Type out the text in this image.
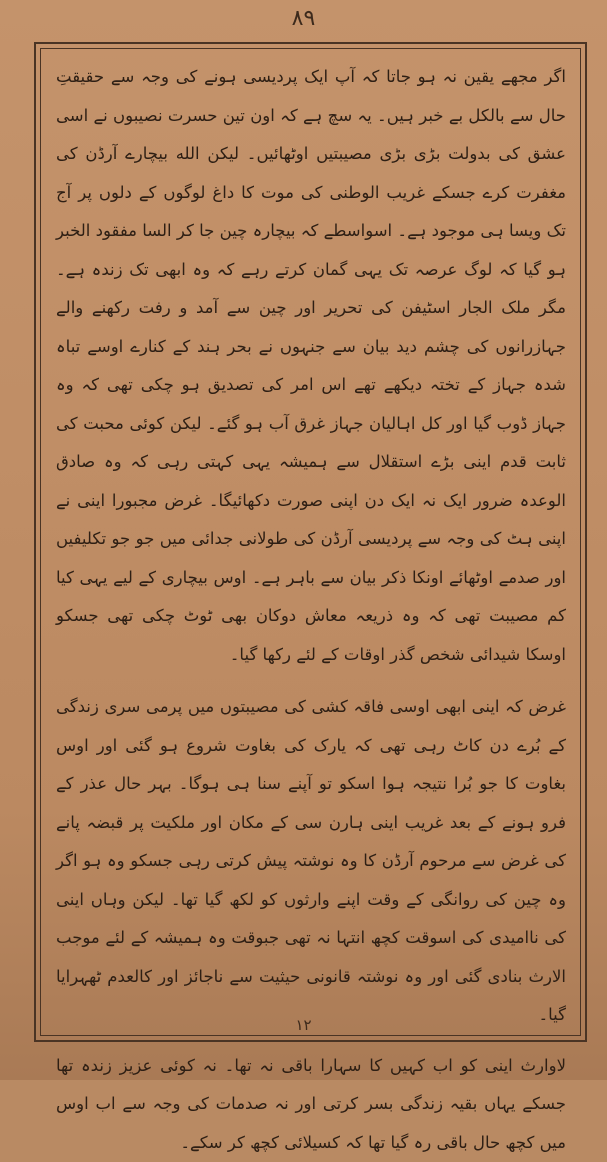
۸۹

اگر مجھے یقین نہ ہو جاتا کہ آپ ایک پردیسی ہونے کی وجہ سے حقیقتِ حال سے بالکل بے خبر ہیں۔ یہ سچ ہے کہ اون تین حسرت نصیبوں نے اسی عشق کی بدولت بڑی بڑی مصیبتیں اوٹھائیں۔ لیکن الله بیچارے آرڈن کی مغفرت کرے جسکے غریب الوطنی کی موت کا داغ لوگوں کے دلوں پر آج تک ویسا ہی موجود ہے۔ اسواسطے کہ بیچارہ چین جا کر السا مفقود الخبر ہو گیا کہ لوگ عرصہ تک یہی گمان کرتے رہے کہ وہ ابھی تک زندہ ہے۔ مگر ملک الجار اسٹیفن کی تحریر اور چین سے آمد و رفت رکھنے والے جہازرانوں کی چشم دید بیان سے جنہوں نے بحر ہند کے کنارے اوسے تباہ شدہ جہاز کے تختہ دیکھے تھے اس امر کی تصدیق ہو چکی تھی کہ وہ جہاز ڈوب گیا اور کل اہالیان جہاز غرق آب ہو گئے۔ لیکن کوئی محبت کی ثابت قدم اینی بڑے استقلال سے ہمیشہ یہی کہتی رہی کہ وہ صادق الوعدہ ضرور ایک نہ ایک دن اپنی صورت دکھائیگا۔ غرض مجبورا اینی نے اپنی ہٹ کی وجہ سے پردیسی آرڈن کی طولانی جدائی میں جو جو تکلیفیں اور صدمے اوٹھائے اونکا ذکر بیان سے باہر ہے۔ اوس بیچاری کے لیے یہی کیا کم مصیبت تھی کہ وہ ذریعہ معاش دوکان بھی ٹوٹ چکی تھی جسکو اوسکا شیدائی شخص گذر اوقات کے لئے رکھا گیا۔

غرض کہ اینی ابھی اوسی فاقہ کشی کی مصیبتوں میں پرمی سری زندگی کے بُرے دن کاٹ رہی تھی کہ یارک کی بغاوت شروع ہو گئی اور اوس بغاوت کا جو بُرا نتیجہ ہوا اسکو تو آپنے سنا ہی ہوگا۔ بہر حال عذر کے فرو ہونے کے بعد غریب اینی ہارن سی کے مکان اور ملکیت پر قبضہ پانے کی غرض سے مرحوم آرڈن کا وہ نوشتہ پیش کرتی رہی جسکو وہ ہو اگر وہ چین کی روانگی کے وقت اپنے وارثوں کو لکھ گیا تھا۔ لیکن وہاں اینی کی ناامیدی کی اسوقت کچھ انتہا نہ تھی جبوقت وہ ہمیشہ کے لئے موجب الارث بنادی گئی اور وہ نوشتہ قانونی حیثیت سے ناجائز اور کالعدم ٹھہرایا گیا۔

لاوارث اینی کو اب کہیں کا سہارا باقی نہ تھا۔ نہ کوئی عزیز زندہ تھا جسکے یہاں بقیہ زندگی بسر کرتی اور نہ صدمات کی وجہ سے اب اوس میں کچھ حال باقی رہ گیا تھا کہ کسیلائی کچھ کر سکے۔

۱۲
